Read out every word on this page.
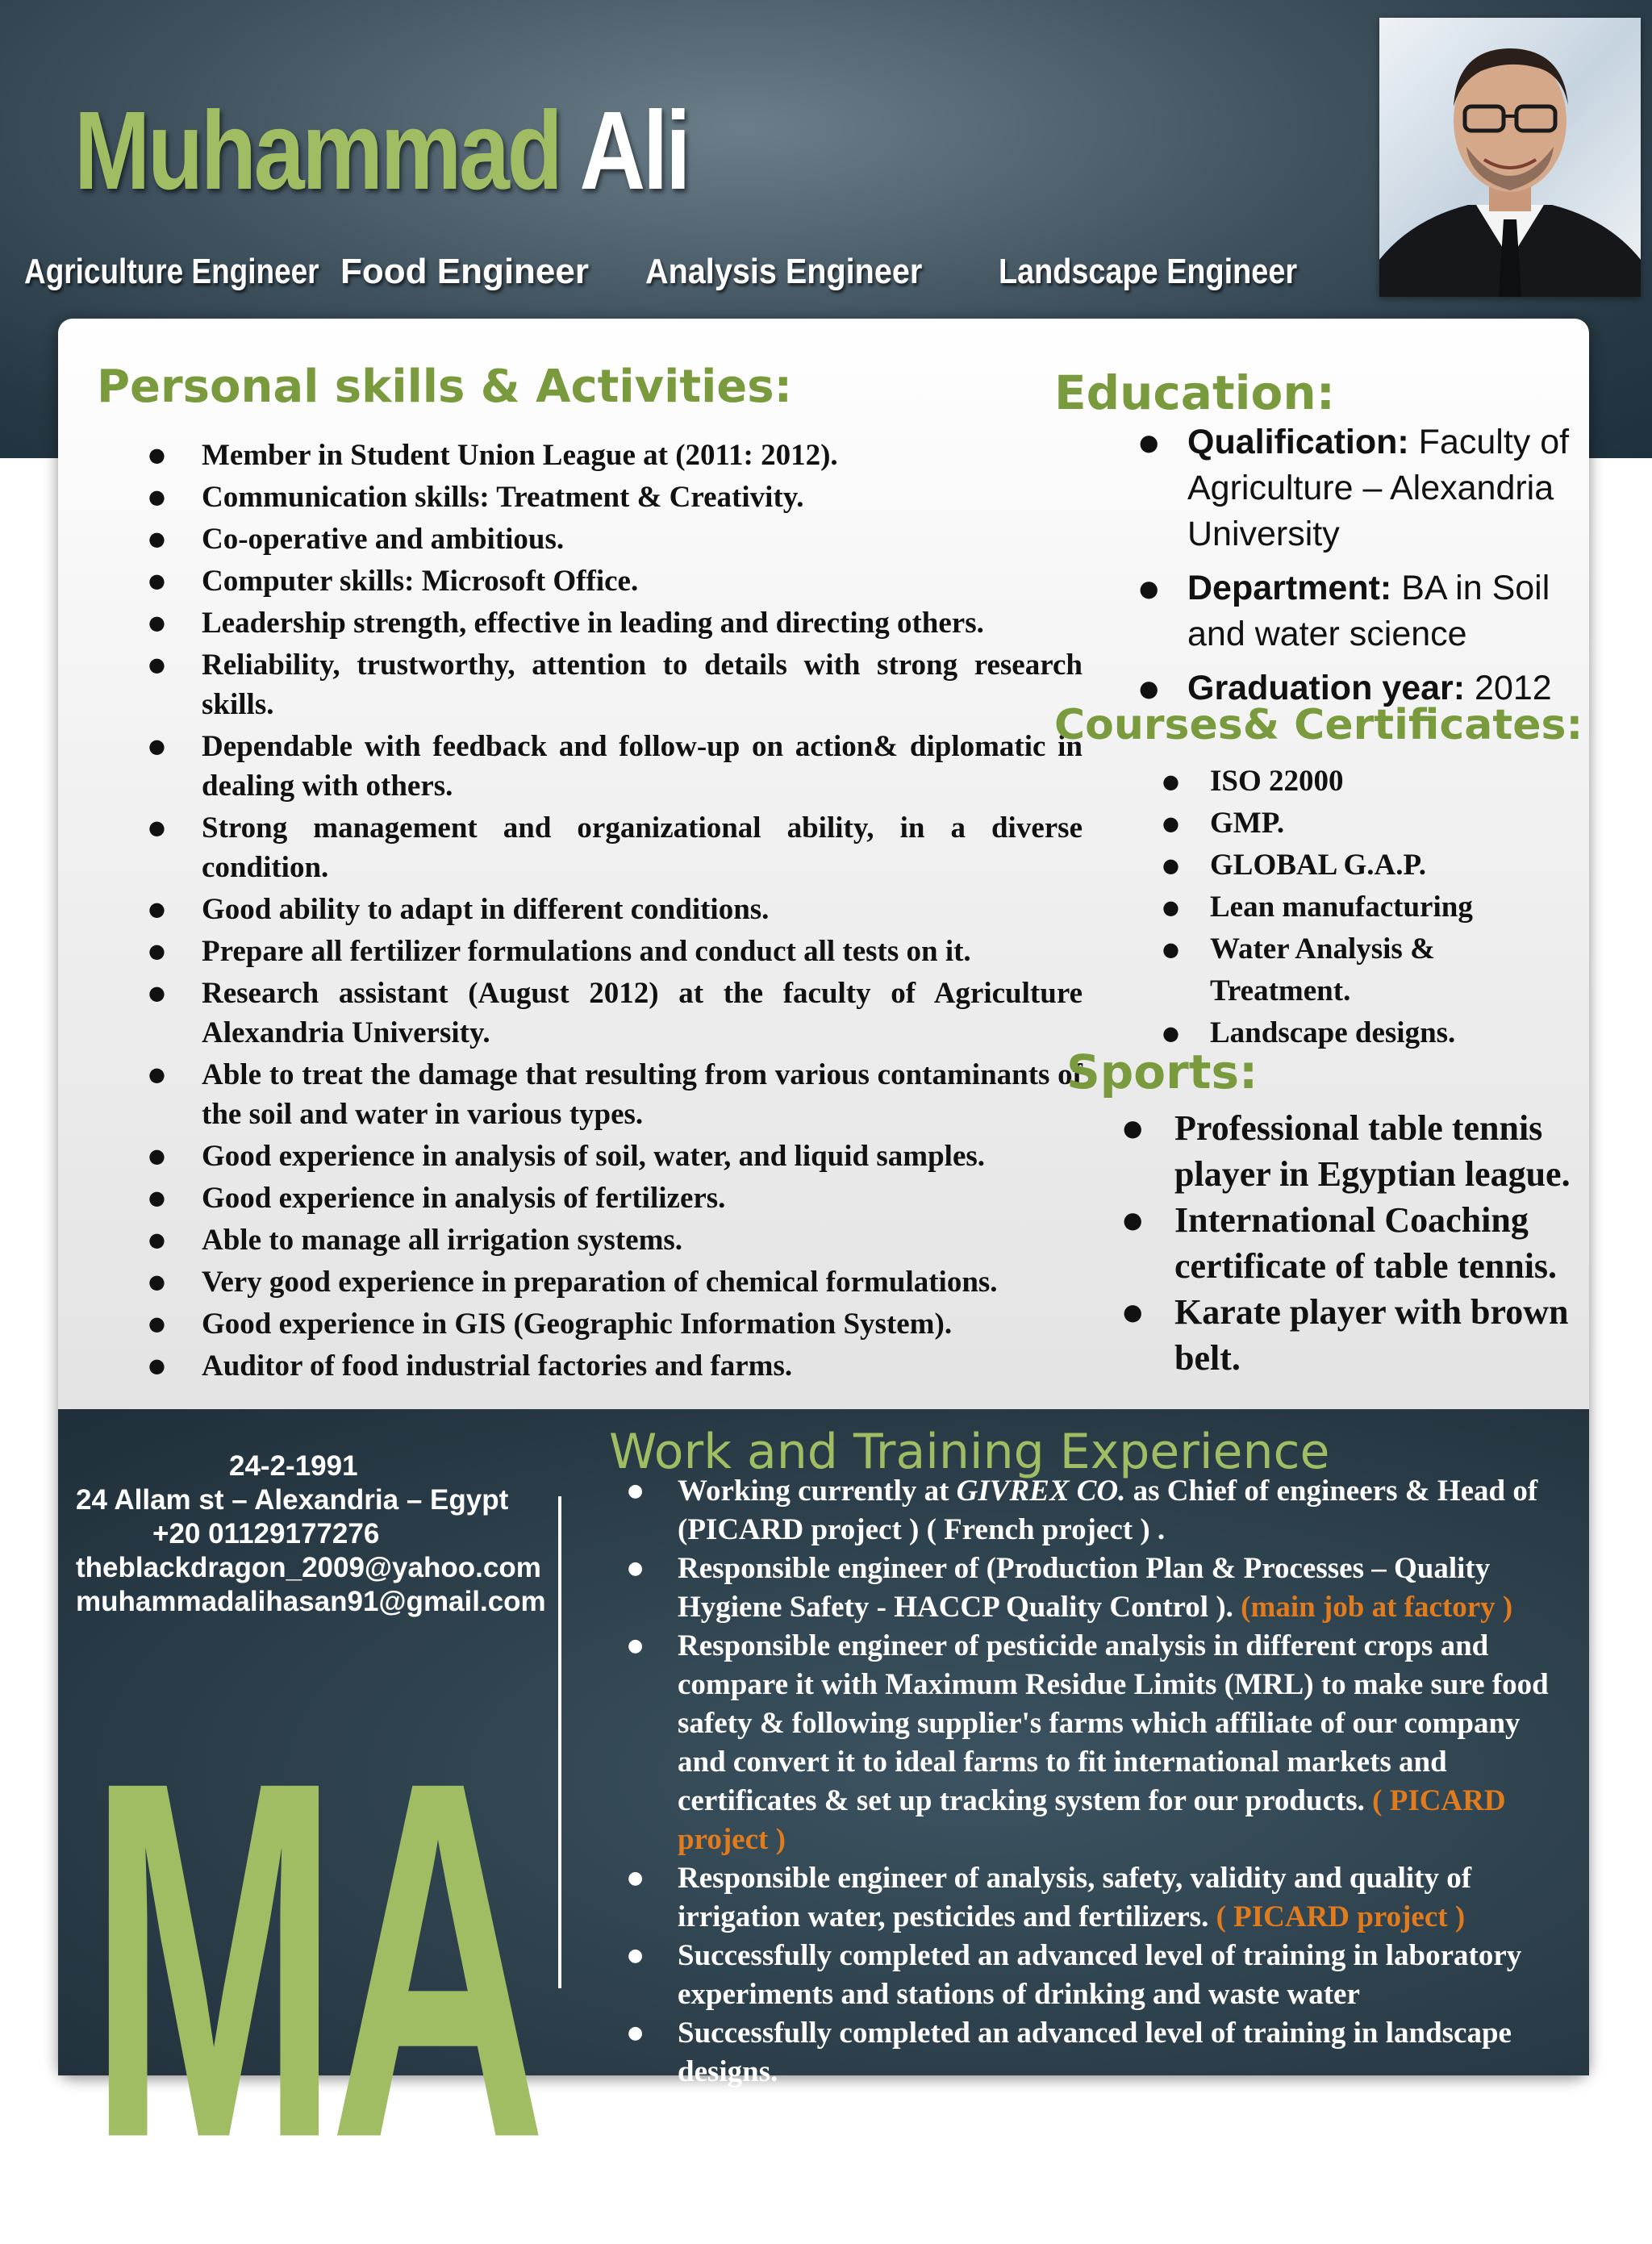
Muhammad Ali
Agriculture Engineer Food Engineer Analysis Engineer Landscape Engineer
Personal skills & Activities:
● Member in Student Union League at (2011: 2012).
● Communication skills: Treatment & Creativity.
● Co-operative and ambitious.
● Computer skills: Microsoft Office.
● Leadership strength, effective in leading and directing others.
● Reliability, trustworthy, attention to details with strong research skills.
● Dependable with feedback and follow-up on action& diplomatic in dealing with others.
● Strong management and organizational ability, in a diverse condition.
● Good ability to adapt in different conditions.
● Prepare all fertilizer formulations and conduct all tests on it.
● Research assistant (August 2012) at the faculty of Agriculture Alexandria University.
● Able to treat the damage that resulting from various contaminants of the soil and water in various types.
● Good experience in analysis of soil, water, and liquid samples.
● Good experience in analysis of fertilizers.
● Able to manage all irrigation systems.
● Very good experience in preparation of chemical formulations.
● Good experience in GIS (Geographic Information System).
● Auditor of food industrial factories and farms.
Education:
● Qualification: Faculty of Agriculture – Alexandria University
● Department: BA in Soil and water science
● Graduation year: 2012
Courses& Certificates:
● ISO 22000
● GMP.
● GLOBAL G.A.P.
● Lean manufacturing
● Water Analysis & Treatment.
● Landscape designs.
Sports:
● Professional table tennis player in Egyptian league.
● International Coaching certificate of table tennis.
● Karate player with brown belt.
24-2-1991
24 Allam st – Alexandria – Egypt
+20 01129177276
theblackdragon_2009@yahoo.com
muhammadalihasan91@gmail.com
MA
Work and Training Experience
● Working currently at GIVREX CO. as Chief of engineers & Head of (PICARD project ) ( French project ) .
● Responsible engineer of (Production Plan & Processes – Quality Hygiene Safety - HACCP Quality Control ). (main job at factory )
● Responsible engineer of pesticide analysis in different crops and compare it with Maximum Residue Limits (MRL) to make sure food safety & following supplier's farms which affiliate of our company and convert it to ideal farms to fit international markets and certificates & set up tracking system for our products. ( PICARD project )
● Responsible engineer of analysis, safety, validity and quality of irrigation water, pesticides and fertilizers. ( PICARD project )
● Successfully completed an advanced level of training in laboratory experiments and stations of drinking and waste water
● Successfully completed an advanced level of training in landscape designs.
